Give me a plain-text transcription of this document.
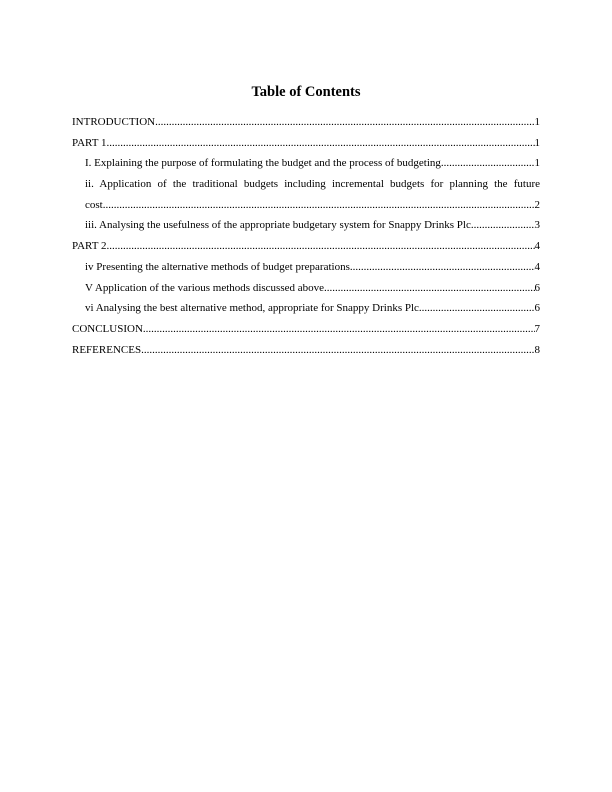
Table of Contents
INTRODUCTION .....	1
PART 1 .....	1
I. Explaining the purpose of formulating the budget and the process of budgeting .....	1
ii. Application of the traditional budgets including incremental budgets for planning the future
cost .....	2
iii. Analysing the usefulness of the appropriate budgetary system for Snappy Drinks Plc .....	3
PART 2 .....	4
iv Presenting the alternative methods of budget preparations .....	4
V Application of the various methods discussed above .....	6
vi Analysing the best alternative method, appropriate for Snappy Drinks Plc .....	6
CONCLUSION .....	7
REFERENCES .....	8
